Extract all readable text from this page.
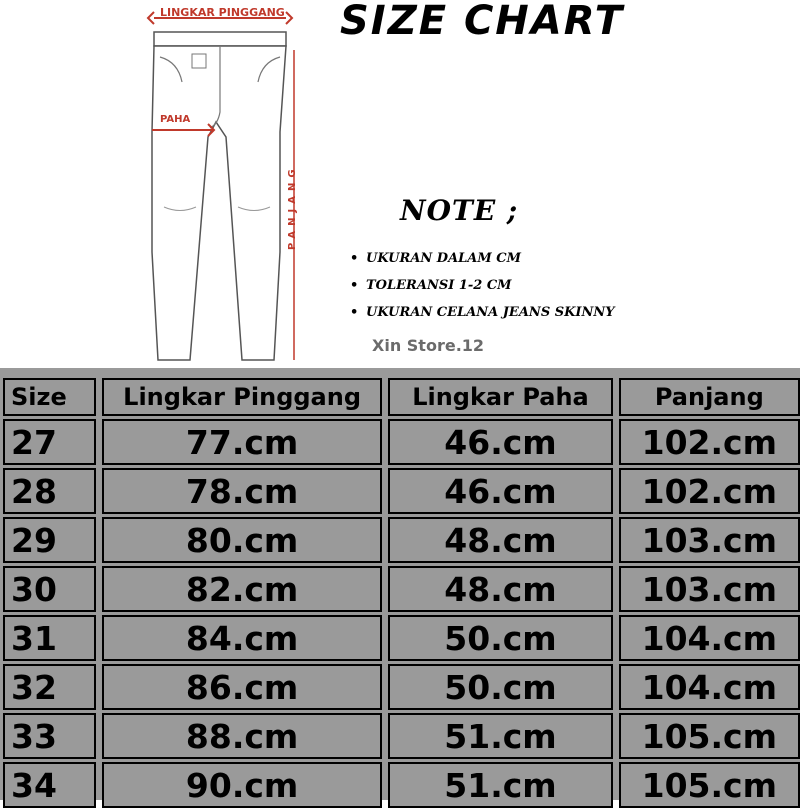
LINGKAR PINGGANG
PAHA
PANJANG
SIZE CHART
NOTE ;
• UKURAN DALAM CM
• TOLERANSI 1-2 CM
• UKURAN CELANA JEANS SKINNY
Xin Store.12
Size		Lingkar Pinggang		Lingkar Paha		Panjang
27		77.cm		46.cm		102.cm
28		78.cm		46.cm		102.cm
29		80.cm		48.cm		103.cm
30		82.cm		48.cm		103.cm
31		84.cm		50.cm		104.cm
32		86.cm		50.cm		104.cm
33		88.cm		51.cm		105.cm
34		90.cm		51.cm		105.cm
